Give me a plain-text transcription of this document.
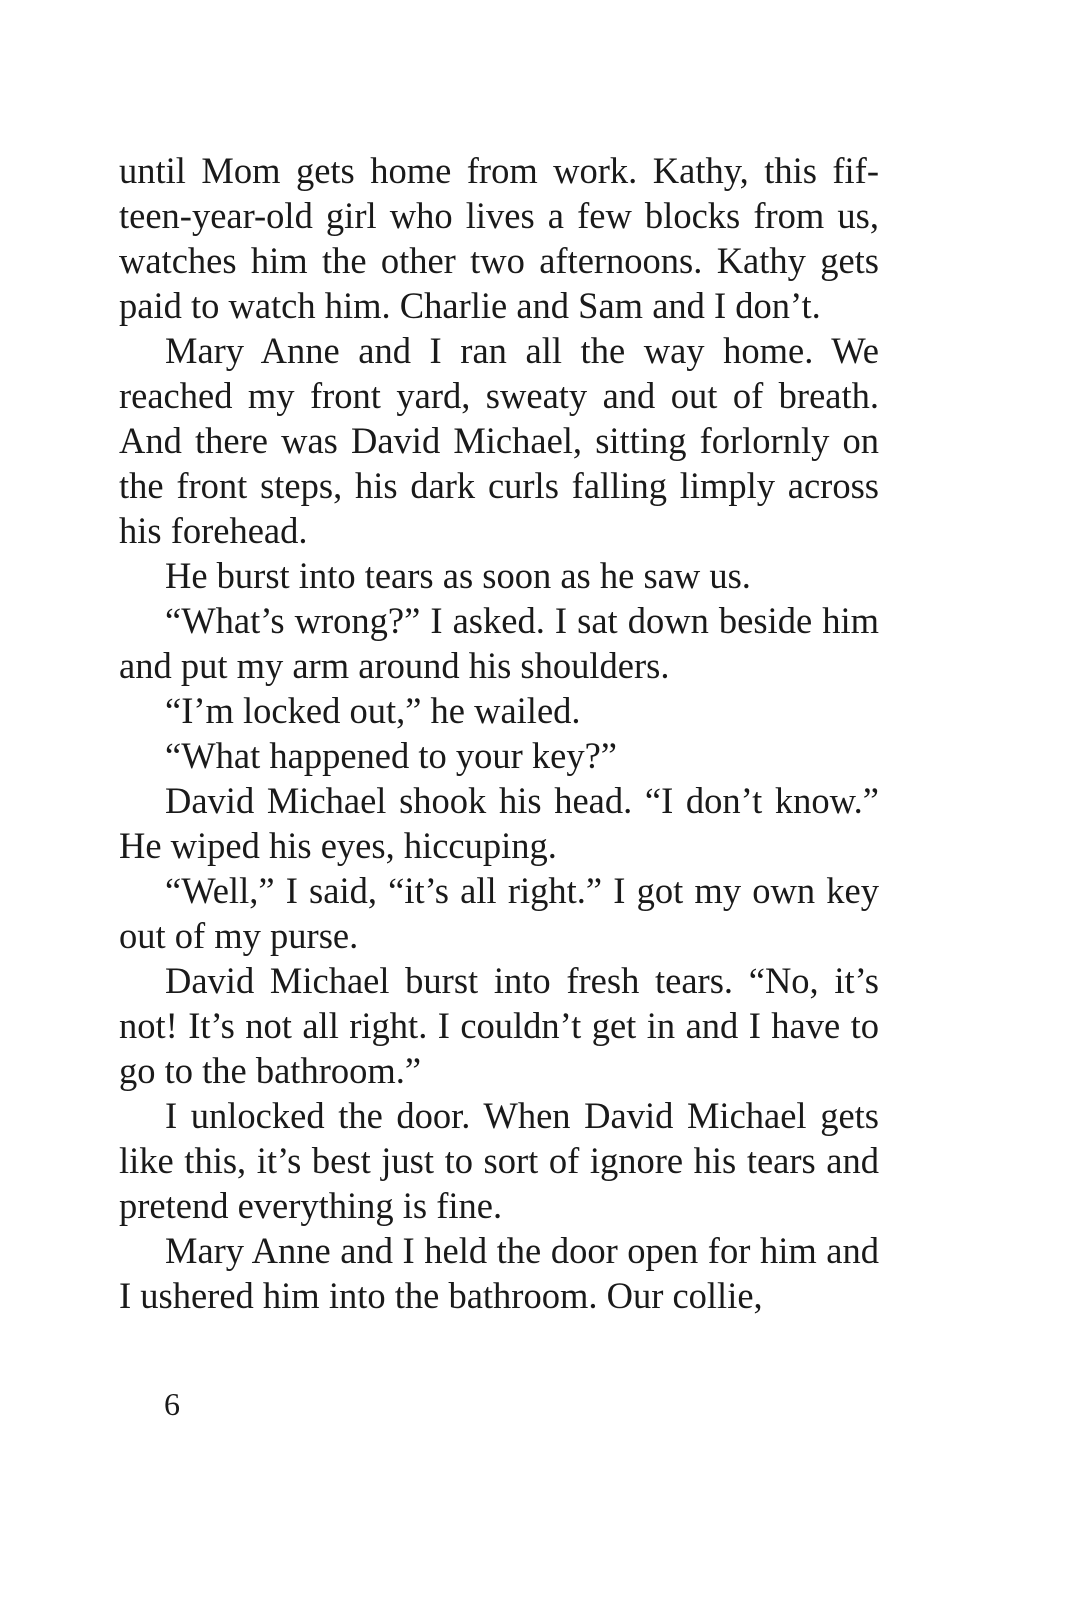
until Mom gets home from work. Kathy, this fifteen-year-old girl who lives a few blocks from us, watches him the other two afternoons. Kathy gets paid to watch him. Charlie and Sam and I don’t.

Mary Anne and I ran all the way home. We reached my front yard, sweaty and out of breath. And there was David Michael, sitting forlornly on the front steps, his dark curls falling limply across his forehead.

He burst into tears as soon as he saw us.

“What’s wrong?” I asked. I sat down beside him and put my arm around his shoulders.

“I’m locked out,” he wailed.

“What happened to your key?”

David Michael shook his head. “I don’t know.” He wiped his eyes, hiccuping.

“Well,” I said, “it’s all right.” I got my own key out of my purse.

David Michael burst into fresh tears. “No, it’s not! It’s not all right. I couldn’t get in and I have to go to the bathroom.”

I unlocked the door. When David Michael gets like this, it’s best just to sort of ignore his tears and pretend everything is fine.

Mary Anne and I held the door open for him and I ushered him into the bathroom. Our collie,

6
